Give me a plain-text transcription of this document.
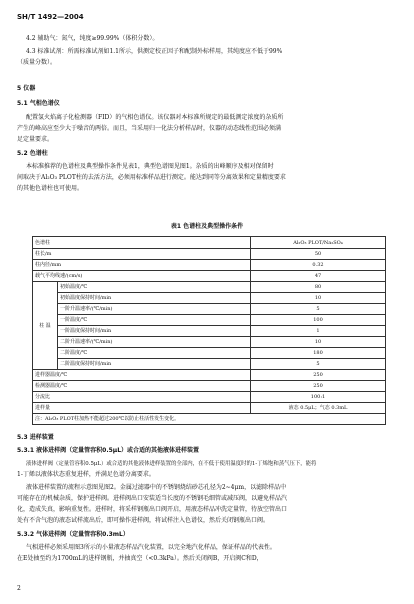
SH/T 1492—2004
4.2 辅助气：氮气，纯度≥99.99%（体积分数）。
4.3 标准试剂：所需标准试剂如1.1所示，供测定校正因子和配制外标样用，其纯度应不低于99%
（质量分数）。
5 仪器
5.1 气相色谱仪
配置氢火焰离子化检测器（FID）的气相色谱仪。该仪器对本标准所规定的最低测定浓度的杂质所
产生的峰高应至少大于噪音的两倍。而且，当采用归一化法分析样品时，仪器的动态线性范围必须满
足定量要求。
5.2 色谱柱
本标准推荐的色谱柱及典型操作条件见表1，典型色谱图见图1。杂质的出峰顺序及相对保留时
间取决于Al₂O₃ PLOT柱的去活方法，必须用标准样品进行测定。能达到同等分离效果和定量精度要求
的其他色谱柱也可使用。
表1 色谱柱及典型操作条件
色谱柱		Al₂O₃ PLOT/Na₂SO₄
柱长/m		50
柱内径/mm		0.32
载气平均线速/(cm/s)		47
柱 温	初始温度/℃	80
	初始温度保持时间/min	10
	一阶升温速率/(℃/min)	5
	一阶温度/℃	100
	一阶温度保持时间/min	1
	二阶升温速率/(℃/min)	10
	二阶温度/℃	180
	二阶温度保持时间/min	5
进样器温度/℃		250
检测器温度/℃		250
分流比		100:1
进样量		液态 0.5μL；气态 0.3mL
注：Al₂O₃ PLOT柱加热不能超过200℃以防止柱活性发生变化。		
5.3 进样装置
5.3.1 液体进样阀（定量管容积0.5μL）或合适的其他液体进样装置
液体进样阀（定量管容积0.5μL）或合适的其他液体进样装置的全部内，在不低于使用温度时的1-丁烯饱和蒸气压下，能将
1-丁烯以液体状态重复进样，并满足色谱分离要求。
液体进样装置的流程示意图见图2。金属过滤器中的不锈钢烧结砂芯孔径为2~4μm，以滤除样品中
可能存在的机械杂质，保护进样阀。进样阀出口安装适当长度的不锈钢毛细管或减压阀，以避免样品汽
化，造成失真，影响重复性。进样时，将采样钢瓶出口阀开启，用液态样品冲洗定量管，待放空管出口
处有不含气泡的液态试样流出后，即可操作进样阀，将试样注入色谱仪，然后关闭钢瓶出口阀。
5.3.2 气体进样阀（定量管容积0.3mL）
气相进样必须采用图3所示的小量液态样品汽化装置，以完全地汽化样品，保证样品的代表性。
在E处抽至约为1700mL的进样钢瓶，并抽真空（<0.3kPa）。然后关闭阀B，开启阀C和D，
2
